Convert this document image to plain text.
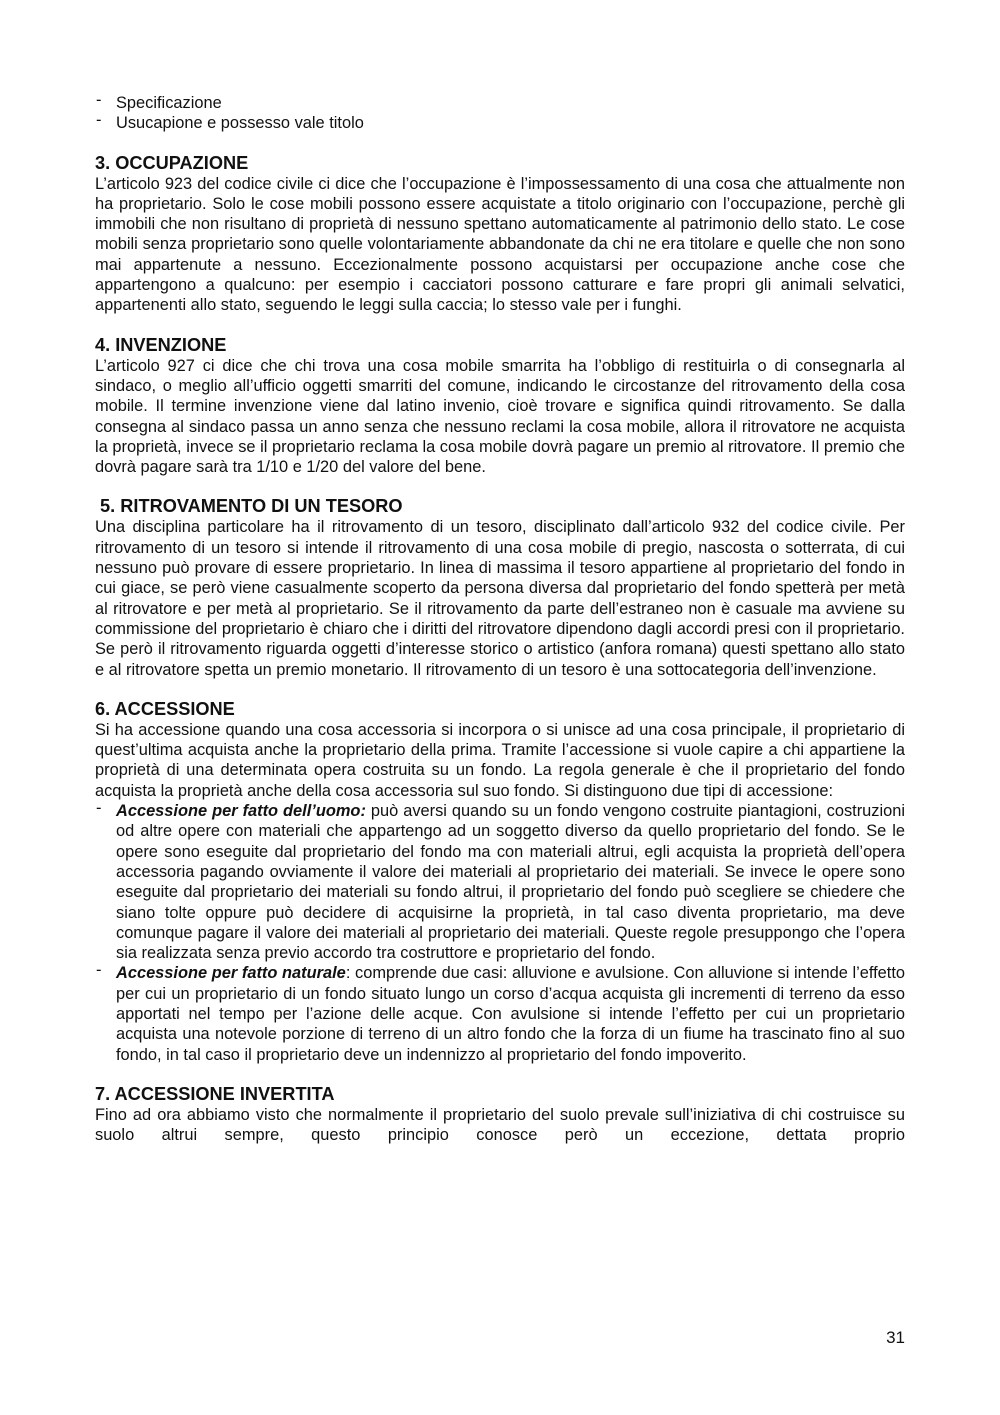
- Specificazione

- Usucapione e possesso vale titolo

3. OCCUPAZIONE

L’articolo 923 del codice civile ci dice che l’occupazione è l’impossessamento di una cosa che attualmente non ha proprietario. Solo le cose mobili possono essere acquistate a titolo originario con l’occupazione, perchè gli immobili che non risultano di proprietà di nessuno spettano automaticamente al patrimonio dello stato. Le cose mobili senza proprietario sono quelle volontariamente abbandonate da chi ne era titolare e quelle che non sono mai appartenute a nessuno. Eccezionalmente possono acquistarsi per occupazione anche cose che appartengono a qualcuno: per esempio i cacciatori possono catturare e fare propri gli animali selvatici, appartenenti allo stato, seguendo le leggi sulla caccia; lo stesso vale per i funghi.

4. INVENZIONE

L’articolo 927 ci dice che chi trova una cosa mobile smarrita ha l’obbligo di restituirla o di consegnarla al sindaco, o meglio all’ufficio oggetti smarriti del comune, indicando le circostanze del ritrovamento della cosa mobile. Il termine invenzione viene dal latino invenio, cioè trovare e significa quindi ritrovamento. Se dalla consegna al sindaco passa un anno senza che nessuno reclami la cosa mobile, allora il ritrovatore ne acquista la proprietà, invece se il proprietario reclama la cosa mobile dovrà pagare un premio al ritrovatore. Il premio che dovrà pagare sarà tra 1/10 e 1/20 del valore del bene.

5. RITROVAMENTO DI UN TESORO

Una disciplina particolare ha il ritrovamento di un tesoro, disciplinato dall’articolo 932 del codice civile. Per ritrovamento di un tesoro si intende il ritrovamento di una cosa mobile di pregio, nascosta o sotterrata, di cui nessuno può provare di essere proprietario. In linea di massima il tesoro appartiene al proprietario del fondo in cui giace, se però viene casualmente scoperto da persona diversa dal proprietario del fondo spetterà per metà al ritrovatore e per metà al proprietario. Se il ritrovamento da parte dell’estraneo non è casuale ma avviene su commissione del proprietario è chiaro che i diritti del ritrovatore dipendono dagli accordi presi con il proprietario. Se però il ritrovamento riguarda oggetti d’interesse storico o artistico (anfora romana) questi spettano allo stato e al ritrovatore spetta un premio monetario. Il ritrovamento di un tesoro è una sottocategoria dell’invenzione.

6. ACCESSIONE

Si ha accessione quando una cosa accessoria si incorpora o si unisce ad una cosa principale, il proprietario di quest’ultima acquista anche la proprietario della prima. Tramite l’accessione si vuole capire a chi appartiene la proprietà di una determinata opera costruita su un fondo. La regola generale è che il proprietario del fondo acquista la proprietà anche della cosa accessoria sul suo fondo. Si distinguono due tipi di accessione:

- Accessione per fatto dell’uomo: può aversi quando su un fondo vengono costruite piantagioni, costruzioni od altre opere con materiali che appartengo ad un soggetto diverso da quello proprietario del fondo. Se le opere sono eseguite dal proprietario del fondo ma con materiali altrui, egli acquista la proprietà dell’opera accessoria pagando ovviamente il valore dei materiali al proprietario dei materiali. Se invece le opere sono eseguite dal proprietario dei materiali su fondo altrui, il proprietario del fondo può scegliere se chiedere che siano tolte oppure può decidere di acquisirne la proprietà, in tal caso diventa proprietario, ma deve comunque pagare il valore dei materiali al proprietario dei materiali. Queste regole presuppongo che l’opera sia realizzata senza previo accordo tra costruttore e proprietario del fondo.

- Accessione per fatto naturale: comprende due casi: alluvione e avulsione. Con alluvione si intende l’effetto per cui un proprietario di un fondo situato lungo un corso d’acqua acquista gli incrementi di terreno da esso apportati nel tempo per l’azione delle acque. Con avulsione si intende l’effetto per cui un proprietario acquista una notevole porzione di terreno di un altro fondo che la forza di un fiume ha trascinato fino al suo fondo, in tal caso il proprietario deve un indennizzo al proprietario del fondo impoverito.

7. ACCESSIONE INVERTITA

Fino ad ora abbiamo visto che normalmente il proprietario del suolo prevale sull’iniziativa di chi costruisce su suolo altrui sempre, questo principio conosce però un eccezione, dettata proprio

31
